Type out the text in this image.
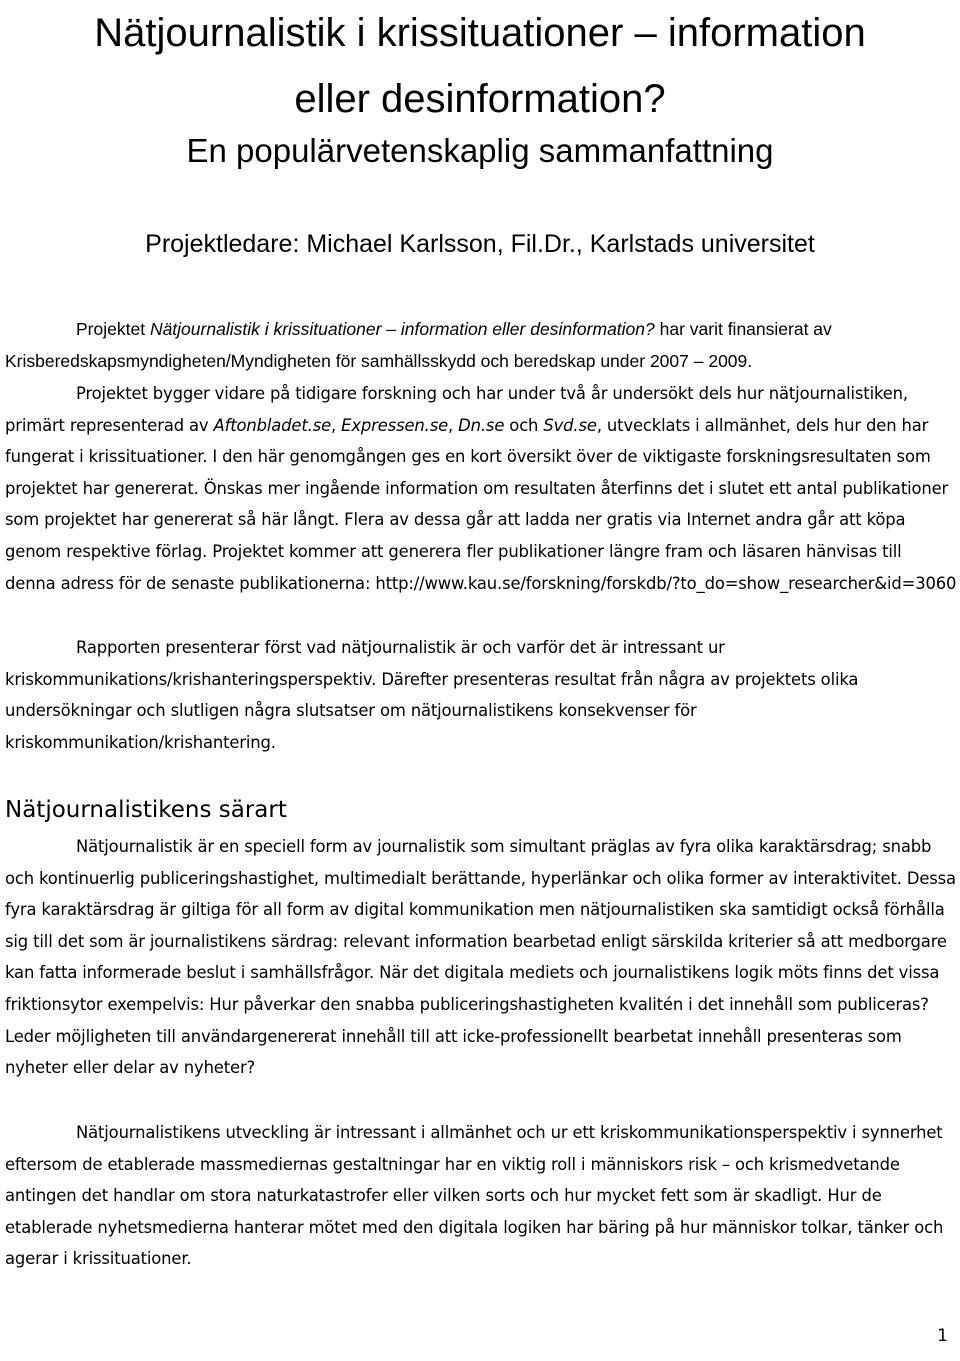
Nätjournalistik i krissituationer – information
eller desinformation?
En populärvetenskaplig sammanfattning

Projektledare: Michael Karlsson, Fil.Dr., Karlstads universitet

Projektet Nätjournalistik i krissituationer – information eller desinformation? har varit finansierat av Krisberedskapsmyndigheten/Myndigheten för samhällsskydd och beredskap under 2007 – 2009.

Projektet bygger vidare på tidigare forskning och har under två år undersökt dels hur nätjournalistiken, primärt representerad av Aftonbladet.se, Expressen.se, Dn.se och Svd.se, utvecklats i allmänhet, dels hur den har fungerat i krissituationer. I den här genomgången ges en kort översikt över de viktigaste forskningsresultaten som projektet har genererat. Önskas mer ingående information om resultaten återfinns det i slutet ett antal publikationer som projektet har genererat så här långt. Flera av dessa går att ladda ner gratis via Internet andra går att köpa genom respektive förlag. Projektet kommer att generera fler publikationer längre fram och läsaren hänvisas till denna adress för de senaste publikationerna: http://www.kau.se/forskning/forskdb/?to_do=show_researcher&id=3060

Rapporten presenterar först vad nätjournalistik är och varför det är intressant ur kriskommunikations/krishanteringsperspektiv. Därefter presenteras resultat från några av projektets olika undersökningar och slutligen några slutsatser om nätjournalistikens konsekvenser för kriskommunikation/krishantering.

Nätjournalistikens särart

Nätjournalistik är en speciell form av journalistik som simultant präglas av fyra olika karaktärsdrag; snabb och kontinuerlig publiceringshastighet, multimedialt berättande, hyperlänkar och olika former av interaktivitet. Dessa fyra karaktärsdrag är giltiga för all form av digital kommunikation men nätjournalistiken ska samtidigt också förhålla sig till det som är journalistikens särdrag: relevant information bearbetad enligt särskilda kriterier så att medborgare kan fatta informerade beslut i samhällsfrågor. När det digitala mediets och journalistikens logik möts finns det vissa friktionsytor exempelvis: Hur påverkar den snabba publiceringshastigheten kvalitén i det innehåll som publiceras? Leder möjligheten till användargenererat innehåll till att icke-professionellt bearbetat innehåll presenteras som nyheter eller delar av nyheter?

Nätjournalistikens utveckling är intressant i allmänhet och ur ett kriskommunikationsperspektiv i synnerhet eftersom de etablerade massmediernas gestaltningar har en viktig roll i människors risk – och krismedvetande antingen det handlar om stora naturkatastrofer eller vilken sorts och hur mycket fett som är skadligt. Hur de etablerade nyhetsmedierna hanterar mötet med den digitala logiken har bäring på hur människor tolkar, tänker och agerar i krissituationer.

1
